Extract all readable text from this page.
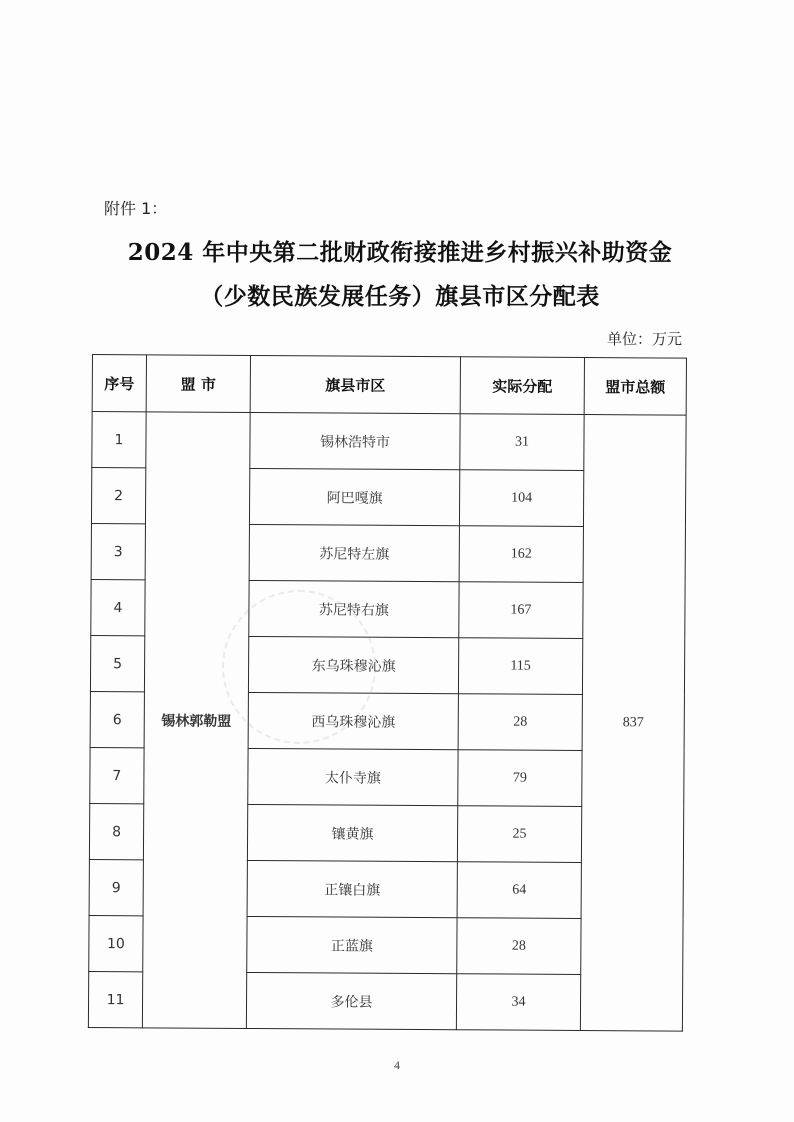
附件 1：
2024 年中央第二批财政衔接推进乡村振兴补助资金
（少数民族发展任务）旗县市区分配表
单位：万元
序号	盟 市	旗县市区	实际分配	盟市总额
1	锡林郭勒盟	锡林浩特市	31	837
2		阿巴嘎旗	104	
3		苏尼特左旗	162	
4		苏尼特右旗	167	
5		东乌珠穆沁旗	115	
6		西乌珠穆沁旗	28	
7		太仆寺旗	79	
8		镶黄旗	25	
9		正镶白旗	64	
10		正蓝旗	28	
11		多伦县	34	
4
